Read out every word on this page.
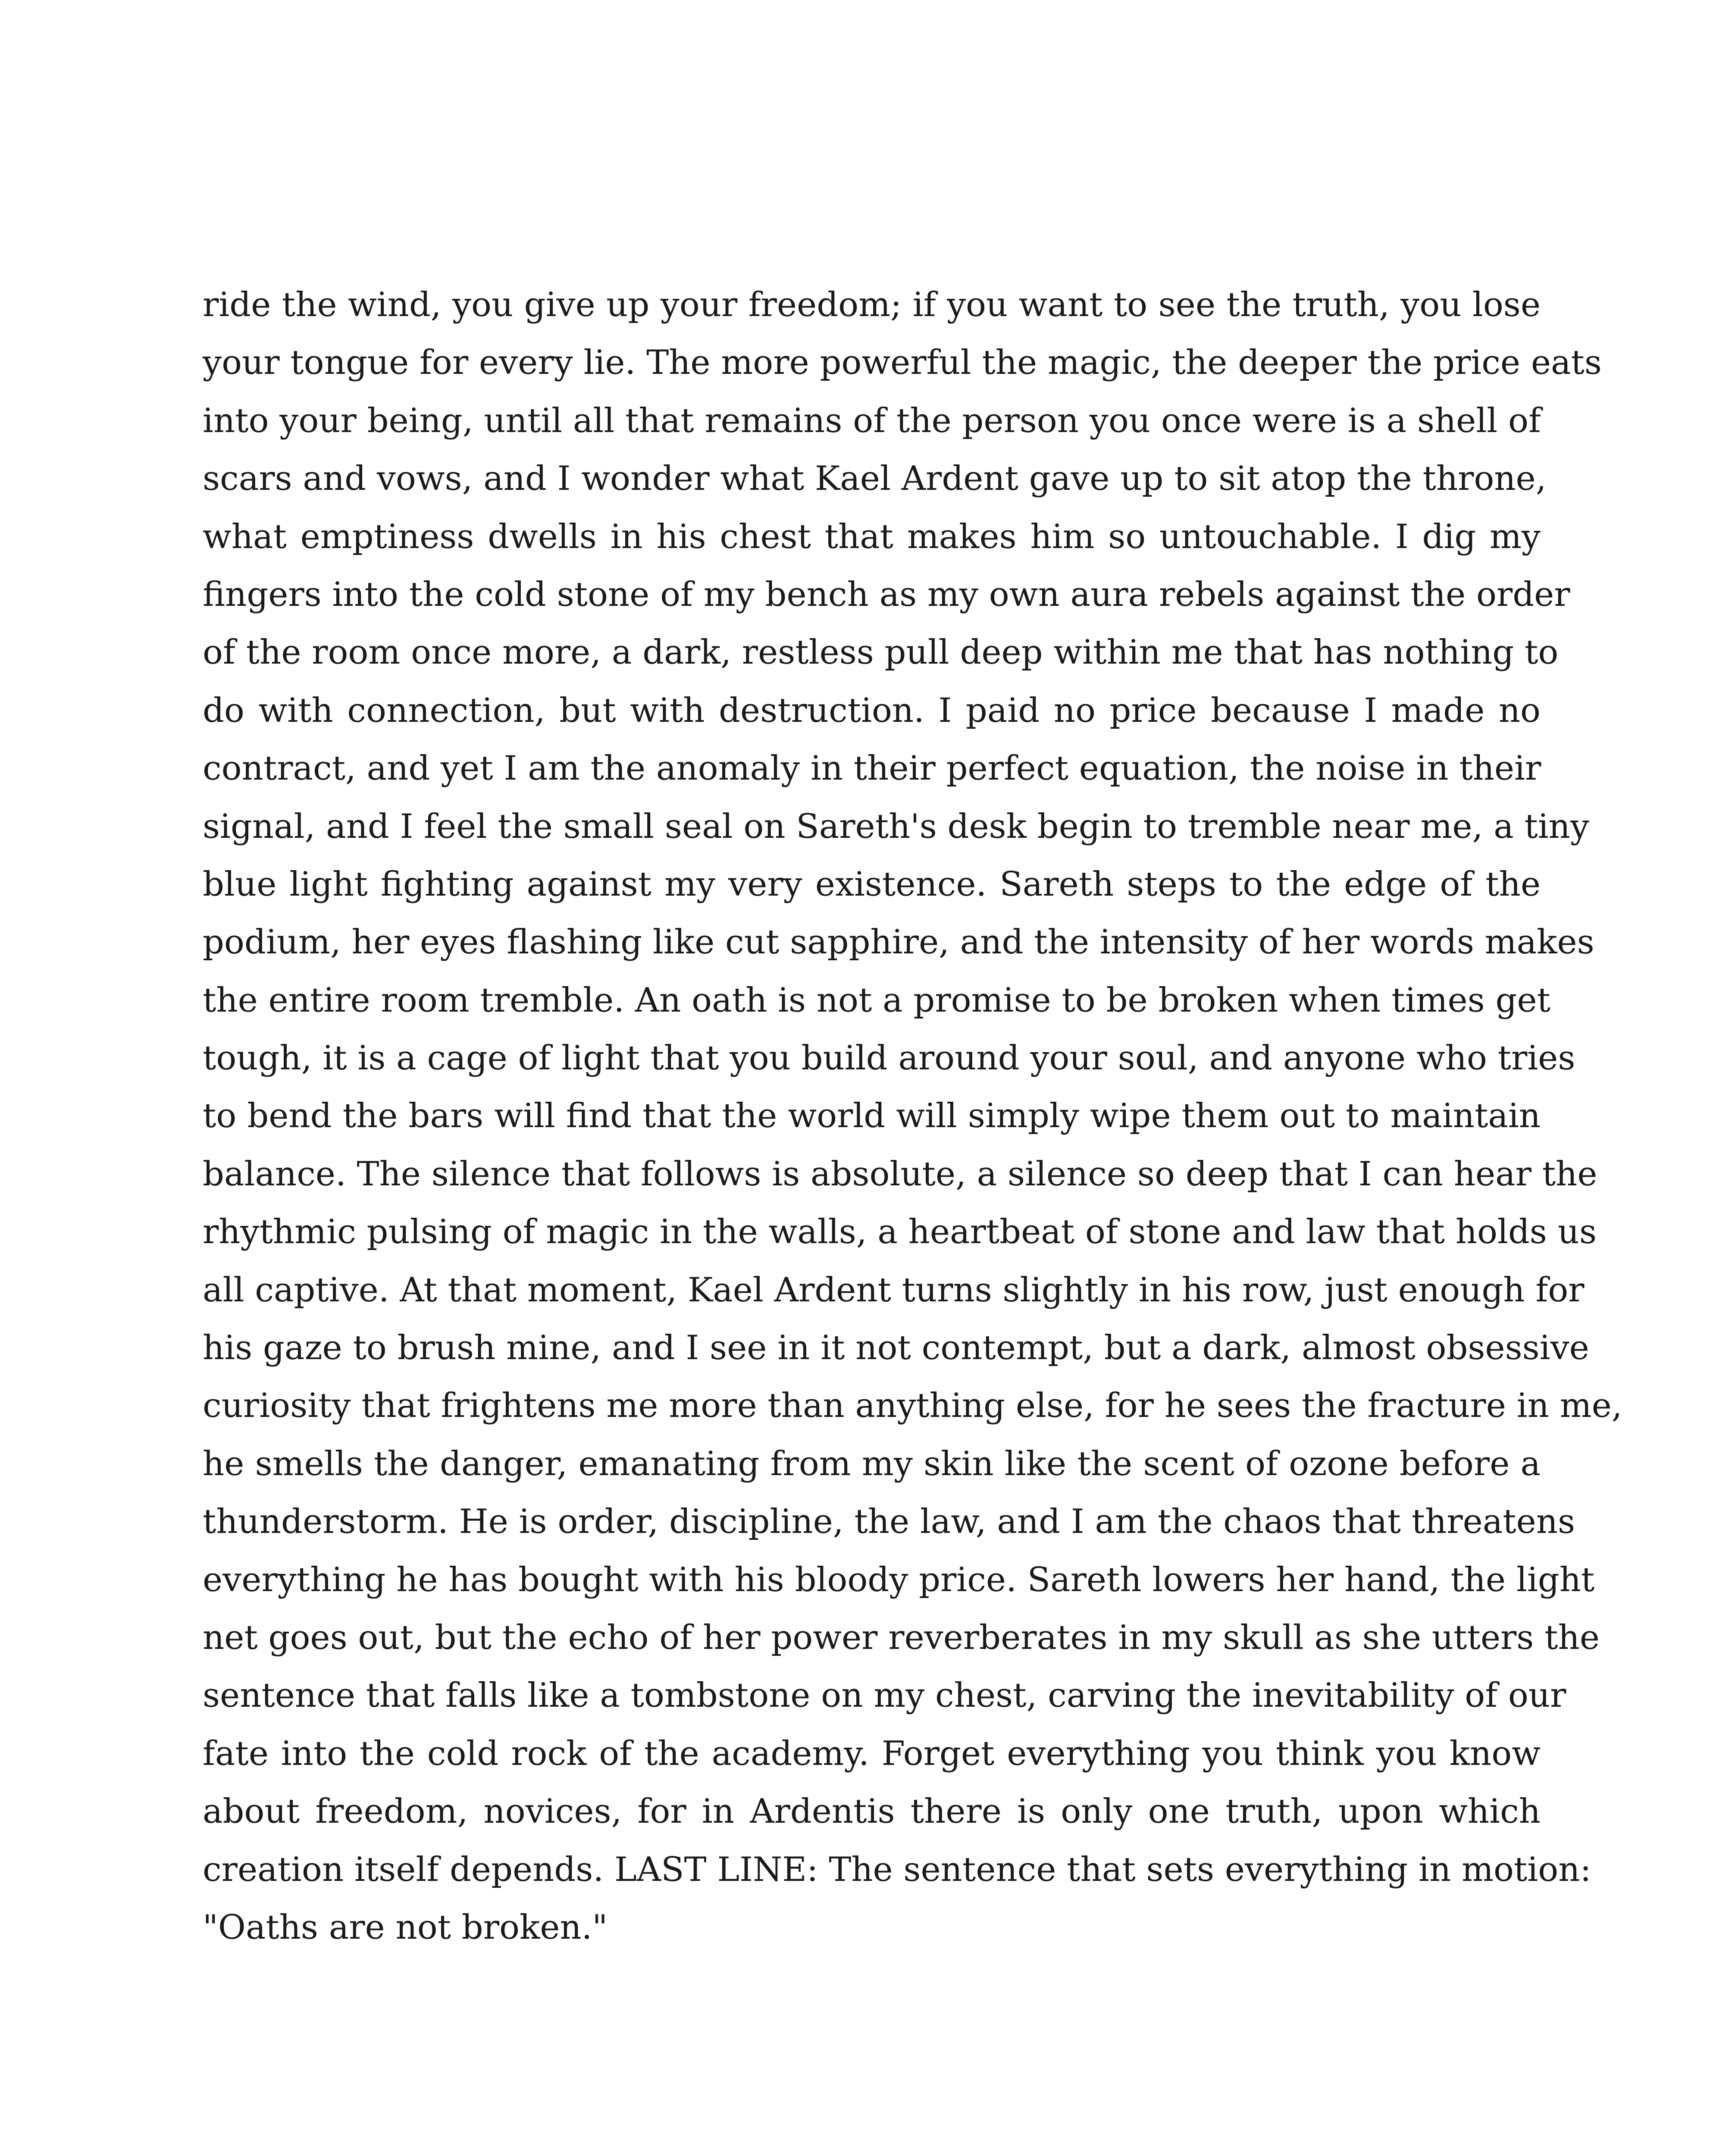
ride the wind, you give up your freedom; if you want to see the truth, you lose
your tongue for every lie. The more powerful the magic, the deeper the price eats
into your being, until all that remains of the person you once were is a shell of
scars and vows, and I wonder what Kael Ardent gave up to sit atop the throne,
what emptiness dwells in his chest that makes him so untouchable. I dig my
fingers into the cold stone of my bench as my own aura rebels against the order
of the room once more, a dark, restless pull deep within me that has nothing to
do with connection, but with destruction. I paid no price because I made no
contract, and yet I am the anomaly in their perfect equation, the noise in their
signal, and I feel the small seal on Sareth's desk begin to tremble near me, a tiny
blue light fighting against my very existence. Sareth steps to the edge of the
podium, her eyes flashing like cut sapphire, and the intensity of her words makes
the entire room tremble. An oath is not a promise to be broken when times get
tough, it is a cage of light that you build around your soul, and anyone who tries
to bend the bars will find that the world will simply wipe them out to maintain
balance. The silence that follows is absolute, a silence so deep that I can hear the
rhythmic pulsing of magic in the walls, a heartbeat of stone and law that holds us
all captive. At that moment, Kael Ardent turns slightly in his row, just enough for
his gaze to brush mine, and I see in it not contempt, but a dark, almost obsessive
curiosity that frightens me more than anything else, for he sees the fracture in me,
he smells the danger, emanating from my skin like the scent of ozone before a
thunderstorm. He is order, discipline, the law, and I am the chaos that threatens
everything he has bought with his bloody price. Sareth lowers her hand, the light
net goes out, but the echo of her power reverberates in my skull as she utters the
sentence that falls like a tombstone on my chest, carving the inevitability of our
fate into the cold rock of the academy. Forget everything you think you know
about freedom, novices, for in Ardentis there is only one truth, upon which
creation itself depends. LAST LINE: The sentence that sets everything in motion:
"Oaths are not broken."
